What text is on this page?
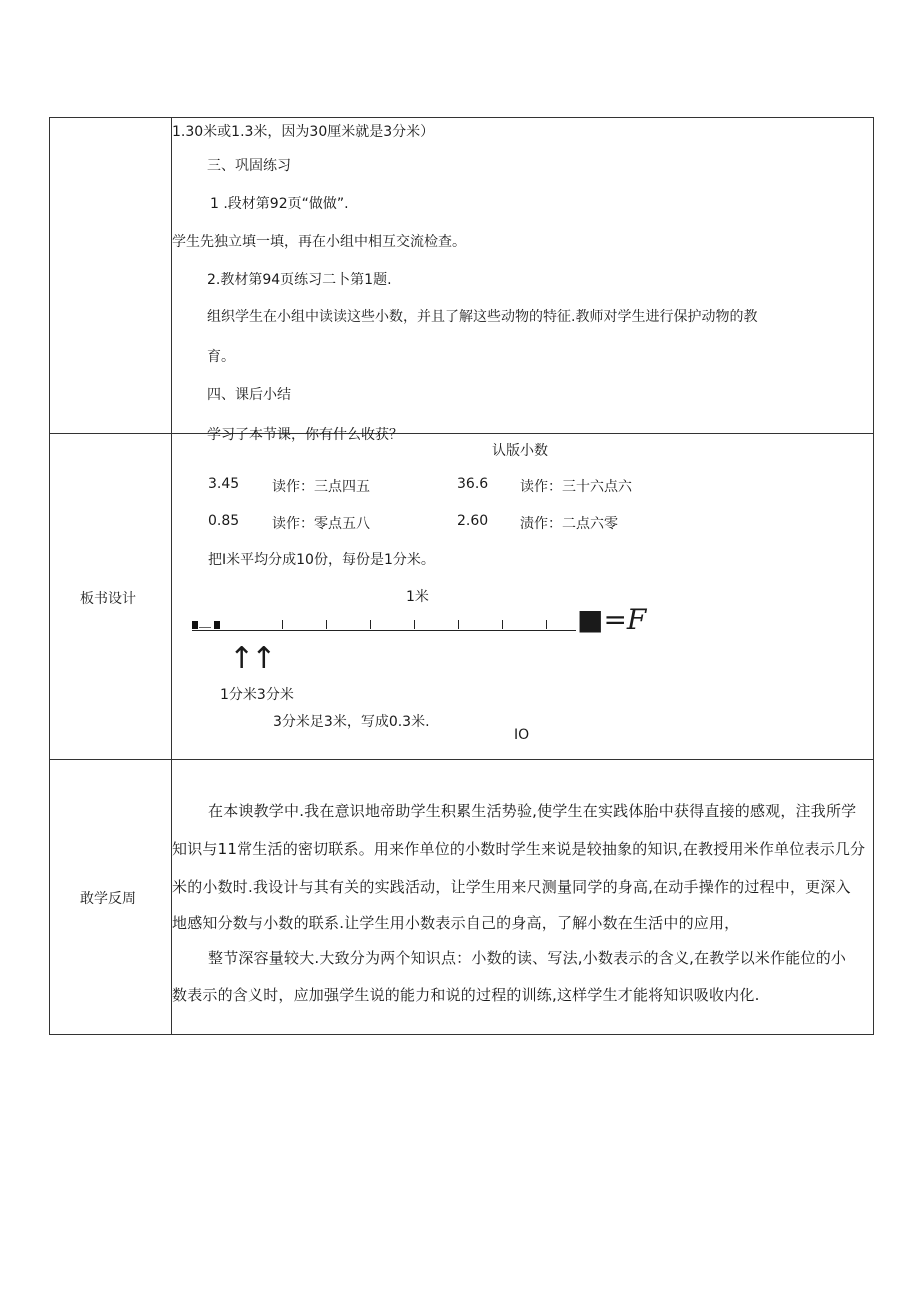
1.30米或1.3米，因为30厘米就是3分米）
三、巩固练习
1 .段材第92页“做做”.
学生先独立填一填，再在小组中相互交流检查。
2.教材第94页练习二卜第1题.
组织学生在小组中读读这些小数，并且了解这些动物的特征.教师对学生进行保护动物的教
育。
四、课后小结
学习了本节课，你有什么收获？
板书设计
认版小数
3.45 读作：三点四五	36.6 读作：三十六点六
0.85 读作：零点五八	2.60 渍作：二点六零
把I米平均分成10份，每份是1分米。
1米
■=F
↑↑
1分米3分米
3分米足3米，写成0.3米.
IO
敢学反周
在本谀教学中.我在意识地帝助学生积累生活势验,使学生在实践体胎中获得直接的感观，注我所学
知识与11常生活的密切联系。用来作单位的小数时学生来说是较抽象的知识,在教授用米作单位表示几分
米的小数时.我设计与其有关的实践活动，让学生用来尺测量同学的身高,在动手操作的过程中，更深入
地感知分数与小数的联系.让学生用小数表示自己的身高，了解小数在生活中的应用，
整节深容量较大.大致分为两个知识点：小数的读、写法,小数表示的含义,在教学以米作能位的小
数表示的含义时，应加强学生说的能力和说的过程的训练,这样学生才能将知识吸收内化.
